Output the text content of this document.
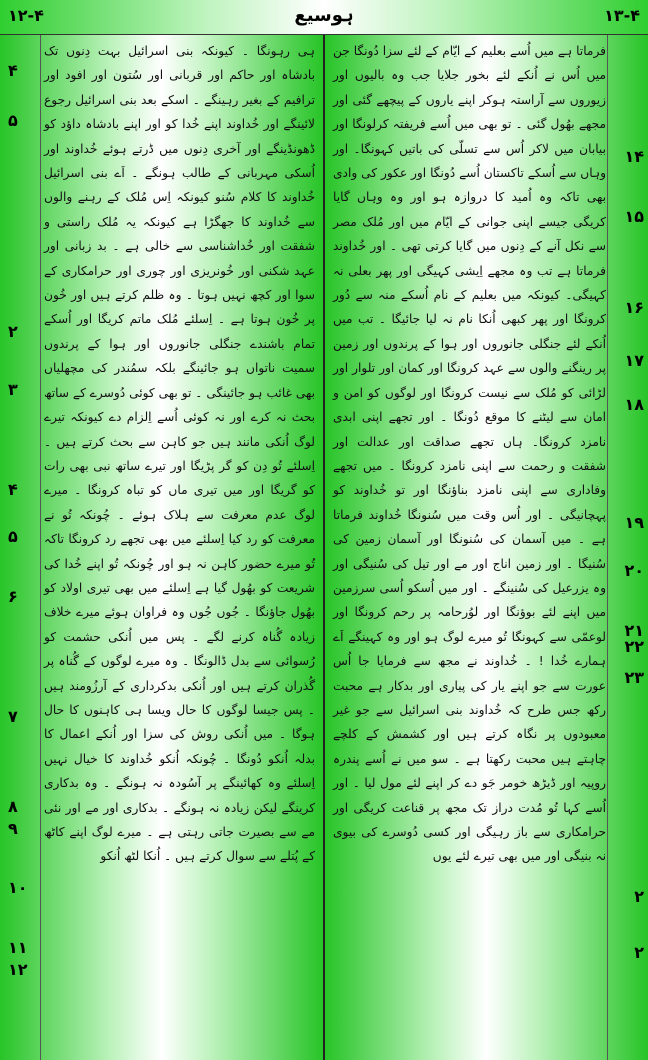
۱۲-۴	ہوسیع	۱۳-۴

فرماتا ہے میں اُسے بعلیم کے ایّام کے لئے سزا دُونگا جن میں اُس نے اُنکے لئے بخور جلایا جب وہ بالیوں اور زیوروں سے آراستہ ہوکر اپنے یاروں کے پیچھے گئی اور مجھے بھُول گئی ۔ تو بھی میں اُسے فریفتہ کرلونگا اور بیابان میں لاکر اُس سے تسلّی کی باتیں کہونگا۔ اور وہاں سے اُسکے تاکستان اُسے دُونگا اور عکور کی وادی بھی تاکہ وہ اُمید کا دروازہ ہو اور وہ وہاں گایا کریگی جیسے اپنی جوانی کے ایّام میں اور مُلک مصر سے نکل آنے کے دِنوں میں گایا کرتی تھی ۔ اور خُداوند فرماتا ہے تب وہ مجھے اِیشی کہیگی اور پھر بعلی نہ کہیگی۔ کیونکہ میں بعلیم کے نام اُسکے منہ سے دُور کرونگا اور پھر کبھی اُنکا نام نہ لیا جائیگا ۔ تب میں اُنکے لئے جنگلی جانوروں اور ہوا کے پرندوں اور زمین پر رینگنے والوں سے عہد کرونگا اور کمان اور تلوار اور لڑائی کو مُلک سے نیست کرونگا اور لوگوں کو امن و امان سے لیٹنے کا موقع دُونگا ۔ اور تجھے اپنی ابدی نامزد کرونگا۔ ہاں تجھے صداقت اور عدالت اور شفقت و رحمت سے اپنی نامزد کرونگا ۔ میں تجھے وفاداری سے اپنی نامزد بناؤنگا اور تو خُداوند کو پہچانیگی ۔ اور اُس وقت میں سُنونگا خُداوند فرماتا ہے ۔ میں آسمان کی سُنونگا اور آسمان زمین کی سُنیگا ۔ اور زمین اناج اور مے اور تیل کی سُنیگی اور وہ یزرعیل کی سُنینگے ۔ اور میں اُسکو اُسی سرزمین میں اپنے لئے بوؤنگا اور لوُرحامہ پر رحم کرونگا اور لوعمّی سے کہونگا تُو میرے لوگ ہو اور وہ کہینگے اَے ہمارے خُدا ! ۔ خُداوند نے مجھ سے فرمایا جا اُس عورت سے جو اپنے یار کی پیاری اور بدکار ہے محبت رکھ جس طرح کہ خُداوند بنی اسرائیل سے جو غیر معبودوں پر نگاہ کرتے ہیں اور کشمش کے کلچے چاہتے ہیں محبت رکھتا ہے ۔ سو میں نے اُسے پندرہ روپیہ اور ڈیڑھ خومر جَو دے کر اپنے لئے مول لیا ۔ اور اُسے کہا تُو مُدت دراز تک مجھ پر قناعت کریگی اور حرامکاری سے باز رہیگی اور کسی دُوسرے کی بیوی نہ بنیگی اور میں بھی تیرے لئے یوں

۱۴
۱۵
۱۶
۱۷
۱۸
۱۹
۲۰
۲۱
۲۲
۲۳
۲
۲

ہی رہونگا ۔ کیونکہ بنی اسرائیل بہت دِنوں تک بادشاہ اور حاکم اور قربانی اور سُتون اور افود اور ترافیم کے بغیر رہینگے ۔ اسکے بعد بنی اسرائیل رجوع لائینگے اور خُداوند اپنے خُدا کو اور اپنے بادشاہ داؤد کو ڈھونڈینگے اور آخری دِنوں میں ڈرتے ہوئے خُداوند اور اُسکی مہربانی کے طالب ہونگے ۔ اَے بنی اسرائیل خُداوند کا کلام سُنو کیونکہ اِس مُلک کے رہنے والوں سے خُداوند کا جھگڑا ہے کیونکہ یہ مُلک راستی و شفقت اور خُداشناسی سے خالی ہے ۔ بد زبانی اور عہد شکنی اور خُونریزی اور چوری اور حرامکاری کے سوا اور کچھ نہیں ہوتا ۔ وہ ظلم کرتے ہیں اور خُون پر خُون ہوتا ہے ۔ اِسلئے مُلک ماتم کریگا اور اُسکے تمام باشندے جنگلی جانوروں اور ہوا کے پرندوں سمیت ناتواں ہو جائینگے بلکہ سمُندر کی مچھلیاں بھی غائب ہو جائینگی ۔ تو بھی کوئی دُوسرے کے ساتھ بحث نہ کرے اور نہ کوئی اُسے اِلزام دے کیونکہ تیرے لوگ اُنکی مانند ہیں جو کاہن سے بحث کرتے ہیں ۔ اِسلئے تُو دِن کو گر پڑیگا اور تیرے ساتھ نبی بھی رات کو گریگا اور میں تیری ماں کو تباہ کرونگا ۔ میرے لوگ عدم معرفت سے ہلاک ہوئے ۔ چُونکہ تُو نے معرفت کو رد کیا اِسلئے میں بھی تجھے رد کرونگا تاکہ تُو میرے حضور کاہن نہ ہو اور چُونکہ تُو اپنے خُدا کی شریعت کو بھُول گیا ہے اِسلئے میں بھی تیری اولاد کو بھُول جاؤنگا ۔ جُوں جُوں وہ فراوان ہوئے میرے خلاف زیادہ گُناہ کرنے لگے ۔ پس میں اُنکی حشمت کو رُسوائی سے بدل ڈالونگا ۔ وہ میرے لوگوں کے گُناہ پر گُذران کرتے ہیں اور اُنکی بدکرداری کے آرزُومند ہیں ۔ پس جیسا لوگوں کا حال ویسا ہی کاہنوں کا حال ہوگا ۔ میں اُنکی روش کی سزا اور اُنکے اعمال کا بدلہ اُنکو دُونگا ۔ چُونکہ اُنکو خُداوند کا خیال نہیں اِسلئے وہ کھائینگے پر آسُودہ نہ ہونگے ۔ وہ بدکاری کرینگے لیکن زیادہ نہ ہونگے ۔ بدکاری اور مے اور نئی مے سے بصیرت جاتی رہتی ہے ۔ میرے لوگ اپنے کاٹھ کے پُتلے سے سوال کرتے ہیں ۔ اُنکا لٹھ اُنکو

۴
۵
۲
۳
۴
۵
۶
۷
۸
۹
۱۰
۱۱
۱۲
